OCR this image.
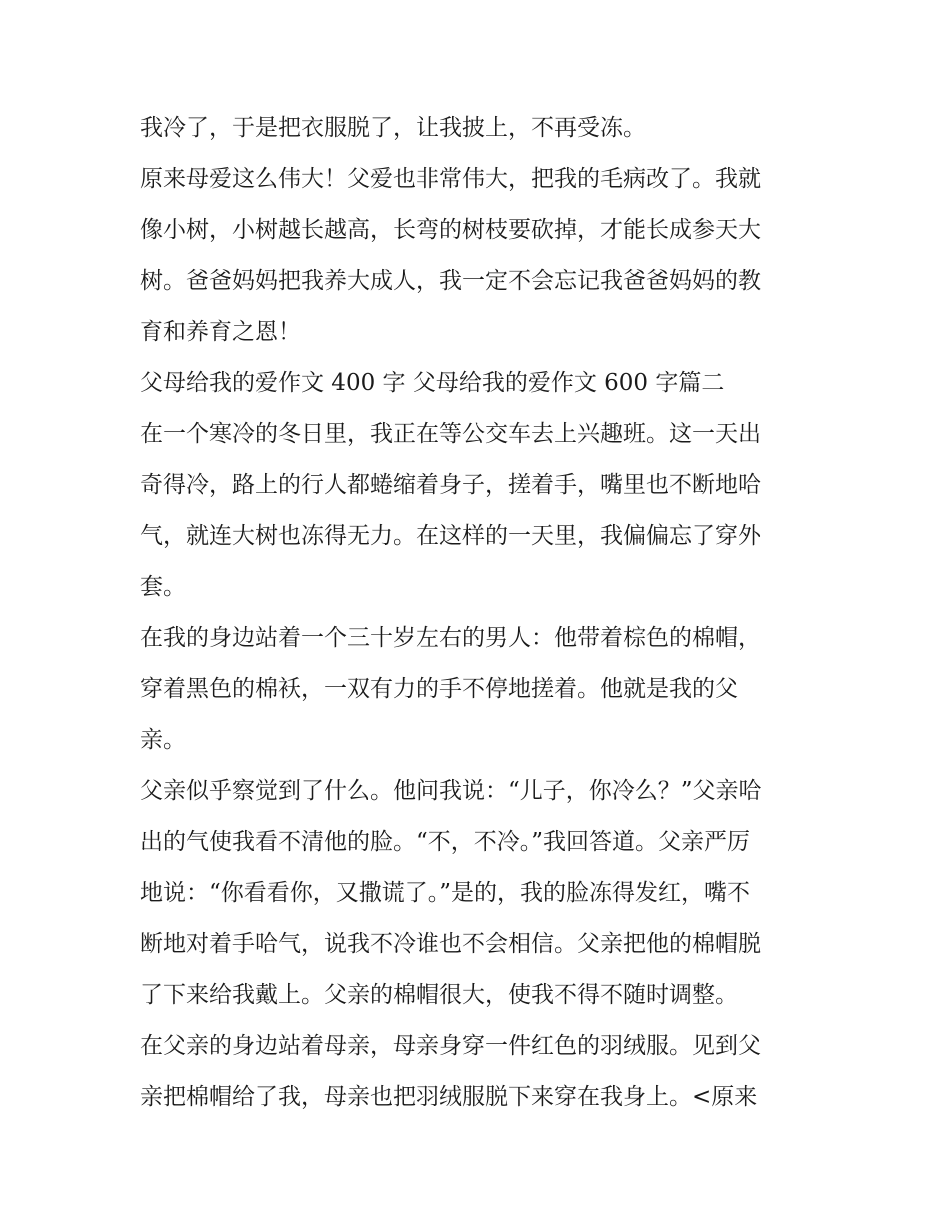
我冷了，于是把衣服脱了，让我披上，不再受冻。
原来母爱这么伟大！父爱也非常伟大，把我的毛病改了。我就
像小树，小树越长越高，长弯的树枝要砍掉，才能长成参天大
树。爸爸妈妈把我养大成人，我一定不会忘记我爸爸妈妈的教
育和养育之恩！
父母给我的爱作文 400 字 父母给我的爱作文 600 字篇二
在一个寒冷的冬日里，我正在等公交车去上兴趣班。这一天出
奇得冷，路上的行人都蜷缩着身子，搓着手，嘴里也不断地哈
气，就连大树也冻得无力。在这样的一天里，我偏偏忘了穿外
套。
在我的身边站着一个三十岁左右的男人：他带着棕色的棉帽，
穿着黑色的棉袄，一双有力的手不停地搓着。他就是我的父
亲。
父亲似乎察觉到了什么。他问我说：“儿子，你冷么？”父亲哈
出的气使我看不清他的脸。“不，不冷。”我回答道。父亲严厉
地说：“你看看你，又撒谎了。”是的，我的脸冻得发红，嘴不
断地对着手哈气，说我不冷谁也不会相信。父亲把他的棉帽脱
了下来给我戴上。父亲的棉帽很大，使我不得不随时调整。
在父亲的身边站着母亲，母亲身穿一件红色的羽绒服。见到父
亲把棉帽给了我，母亲也把羽绒服脱下来穿在我身上。<原来
